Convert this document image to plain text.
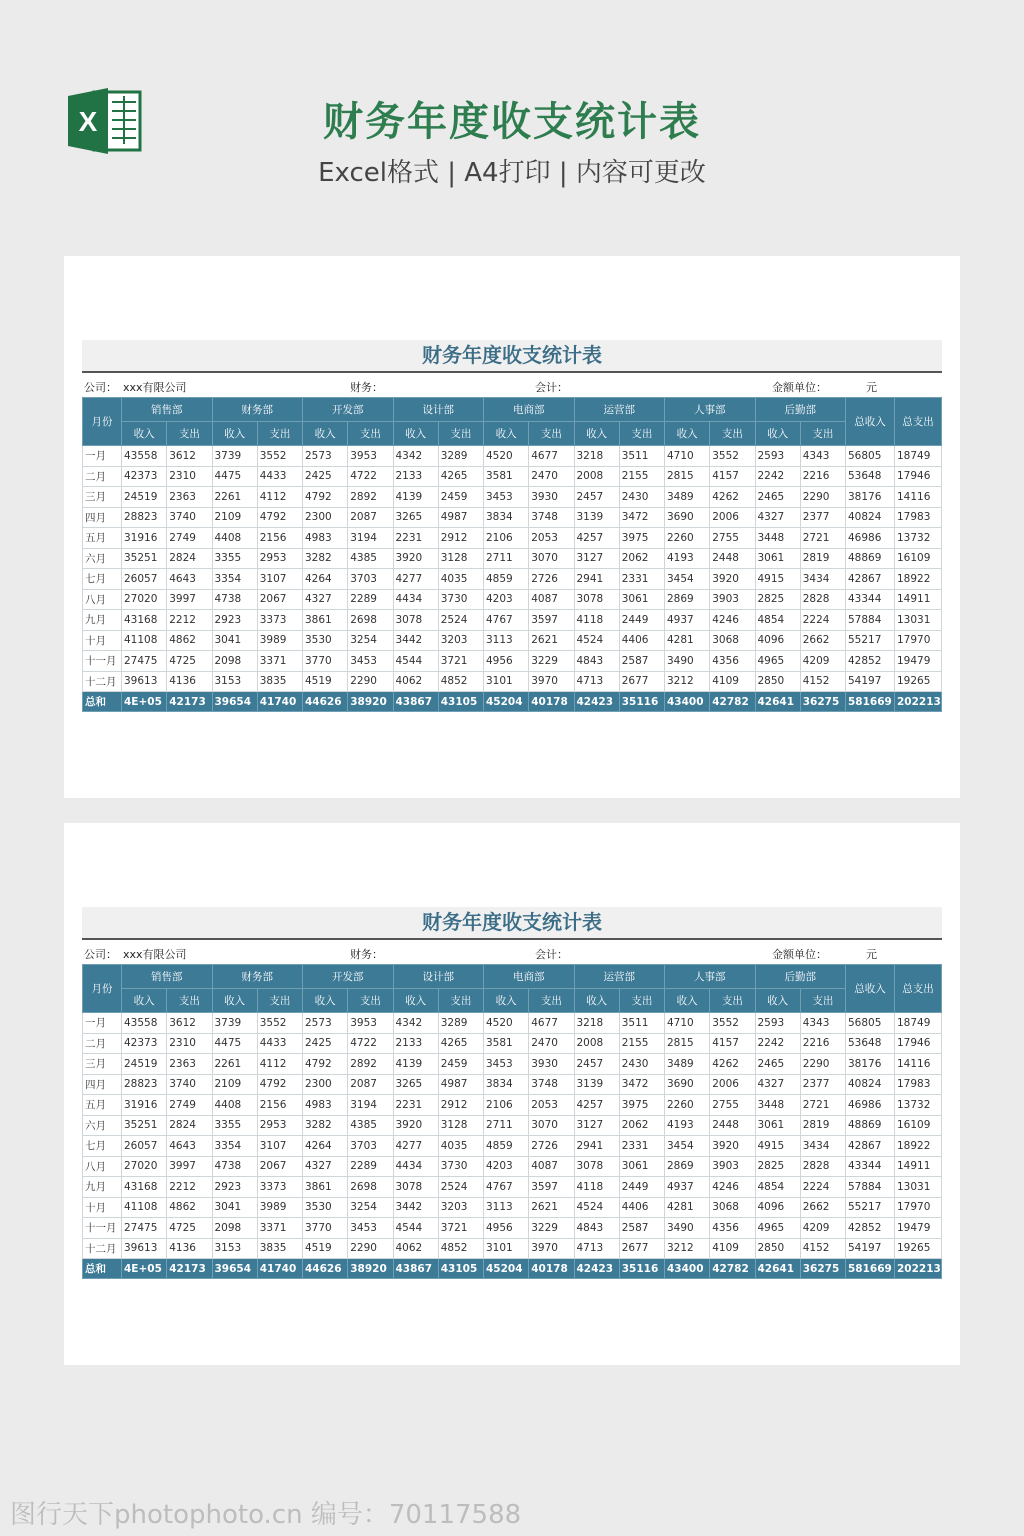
X	财务年度收支统计表
Excel格式 | A4打印 | 内容可更改
财务年度收支统计表
公司： xxx有限公司	财务：	会计：	金额单位：	元
月份	销售部		财务部		开发部		设计部		电商部		运营部		人事部		后勤部		总收入	总支出
	收入	支出	收入	支出	收入	支出	收入	支出	收入	支出	收入	支出	收入	支出	收入	支出		
一月	43558	3612	3739	3552	2573	3953	4342	3289	4520	4677	3218	3511	4710	3552	2593	4343	56805	18749
二月	42373	2310	4475	4433	2425	4722	2133	4265	3581	2470	2008	2155	2815	4157	2242	2216	53648	17946
三月	24519	2363	2261	4112	4792	2892	4139	2459	3453	3930	2457	2430	3489	4262	2465	2290	38176	14116
四月	28823	3740	2109	4792	2300	2087	3265	4987	3834	3748	3139	3472	3690	2006	4327	2377	40824	17983
五月	31916	2749	4408	2156	4983	3194	2231	2912	2106	2053	4257	3975	2260	2755	3448	2721	46986	13732
六月	35251	2824	3355	2953	3282	4385	3920	3128	2711	3070	3127	2062	4193	2448	3061	2819	48869	16109
七月	26057	4643	3354	3107	4264	3703	4277	4035	4859	2726	2941	2331	3454	3920	4915	3434	42867	18922
八月	27020	3997	4738	2067	4327	2289	4434	3730	4203	4087	3078	3061	2869	3903	2825	2828	43344	14911
九月	43168	2212	2923	3373	3861	2698	3078	2524	4767	3597	4118	2449	4937	4246	4854	2224	57884	13031
十月	41108	4862	3041	3989	3530	3254	3442	3203	3113	2621	4524	4406	4281	3068	4096	2662	55217	17970
十一月	27475	4725	2098	3371	3770	3453	4544	3721	4956	3229	4843	2587	3490	4356	4965	4209	42852	19479
十二月	39613	4136	3153	3835	4519	2290	4062	4852	3101	3970	4713	2677	3212	4109	2850	4152	54197	19265
总和	4E+05	42173	39654	41740	44626	38920	43867	43105	45204	40178	42423	35116	43400	42782	42641	36275	581669	202213
财务年度收支统计表
公司： xxx有限公司	财务：	会计：	金额单位：	元
月份	销售部		财务部		开发部		设计部		电商部		运营部		人事部		后勤部		总收入	总支出
	收入	支出	收入	支出	收入	支出	收入	支出	收入	支出	收入	支出	收入	支出	收入	支出		
一月	43558	3612	3739	3552	2573	3953	4342	3289	4520	4677	3218	3511	4710	3552	2593	4343	56805	18749
二月	42373	2310	4475	4433	2425	4722	2133	4265	3581	2470	2008	2155	2815	4157	2242	2216	53648	17946
三月	24519	2363	2261	4112	4792	2892	4139	2459	3453	3930	2457	2430	3489	4262	2465	2290	38176	14116
四月	28823	3740	2109	4792	2300	2087	3265	4987	3834	3748	3139	3472	3690	2006	4327	2377	40824	17983
五月	31916	2749	4408	2156	4983	3194	2231	2912	2106	2053	4257	3975	2260	2755	3448	2721	46986	13732
六月	35251	2824	3355	2953	3282	4385	3920	3128	2711	3070	3127	2062	4193	2448	3061	2819	48869	16109
七月	26057	4643	3354	3107	4264	3703	4277	4035	4859	2726	2941	2331	3454	3920	4915	3434	42867	18922
八月	27020	3997	4738	2067	4327	2289	4434	3730	4203	4087	3078	3061	2869	3903	2825	2828	43344	14911
九月	43168	2212	2923	3373	3861	2698	3078	2524	4767	3597	4118	2449	4937	4246	4854	2224	57884	13031
十月	41108	4862	3041	3989	3530	3254	3442	3203	3113	2621	4524	4406	4281	3068	4096	2662	55217	17970
十一月	27475	4725	2098	3371	3770	3453	4544	3721	4956	3229	4843	2587	3490	4356	4965	4209	42852	19479
十二月	39613	4136	3153	3835	4519	2290	4062	4852	3101	3970	4713	2677	3212	4109	2850	4152	54197	19265
总和	4E+05	42173	39654	41740	44626	38920	43867	43105	45204	40178	42423	35116	43400	42782	42641	36275	581669	202213
图行天下photophoto.cn 编号：70117588
